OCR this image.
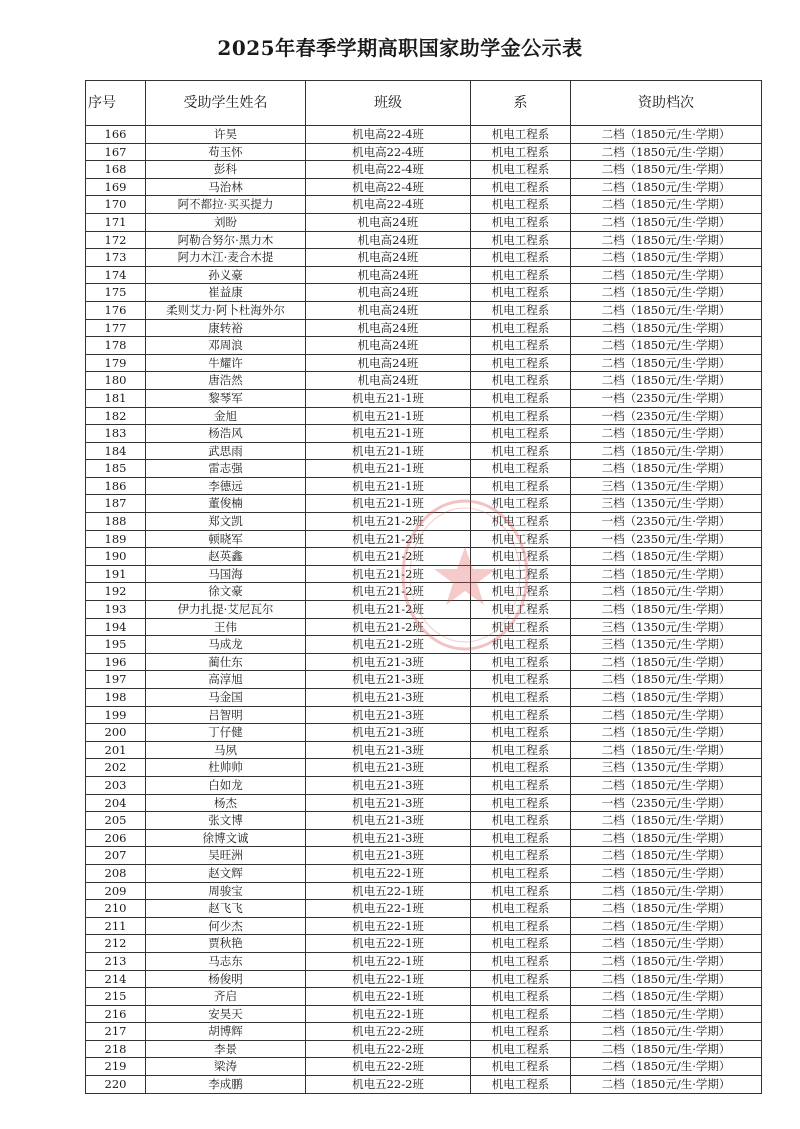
2025年春季学期高职国家助学金公示表
序号	受助学生姓名	班级	系	资助档次
166	许昊	机电高22-4班	机电工程系	二档（1850元/生·学期）
167	苟玉怀	机电高22-4班	机电工程系	二档（1850元/生·学期）
168	彭科	机电高22-4班	机电工程系	二档（1850元/生·学期）
169	马治林	机电高22-4班	机电工程系	二档（1850元/生·学期）
170	阿不都拉·买买提力	机电高22-4班	机电工程系	二档（1850元/生·学期）
171	刘盼	机电高24班	机电工程系	二档（1850元/生·学期）
172	阿勒合努尔·黑力木	机电高24班	机电工程系	二档（1850元/生·学期）
173	阿力木江·麦合木提	机电高24班	机电工程系	二档（1850元/生·学期）
174	孙义豪	机电高24班	机电工程系	二档（1850元/生·学期）
175	崔益康	机电高24班	机电工程系	二档（1850元/生·学期）
176	柔则艾力·阿卜杜海外尔	机电高24班	机电工程系	二档（1850元/生·学期）
177	康转裕	机电高24班	机电工程系	二档（1850元/生·学期）
178	邓周浪	机电高24班	机电工程系	二档（1850元/生·学期）
179	牛耀许	机电高24班	机电工程系	二档（1850元/生·学期）
180	唐浩然	机电高24班	机电工程系	二档（1850元/生·学期）
181	黎琴军	机电五21-1班	机电工程系	一档（2350元/生·学期）
182	金旭	机电五21-1班	机电工程系	一档（2350元/生·学期）
183	杨浩风	机电五21-1班	机电工程系	二档（1850元/生·学期）
184	武思雨	机电五21-1班	机电工程系	二档（1850元/生·学期）
185	雷志强	机电五21-1班	机电工程系	二档（1850元/生·学期）
186	李德远	机电五21-1班	机电工程系	三档（1350元/生·学期）
187	董俊楠	机电五21-1班	机电工程系	三档（1350元/生·学期）
188	郑文凯	机电五21-2班	机电工程系	一档（2350元/生·学期）
189	顿晓军	机电五21-2班	机电工程系	一档（2350元/生·学期）
190	赵英鑫	机电五21-2班	机电工程系	二档（1850元/生·学期）
191	马国海	机电五21-2班	机电工程系	二档（1850元/生·学期）
192	徐文豪	机电五21-2班	机电工程系	二档（1850元/生·学期）
193	伊力扎提·艾尼瓦尔	机电五21-2班	机电工程系	二档（1850元/生·学期）
194	王伟	机电五21-2班	机电工程系	三档（1350元/生·学期）
195	马成龙	机电五21-2班	机电工程系	三档（1350元/生·学期）
196	蔺仕东	机电五21-3班	机电工程系	二档（1850元/生·学期）
197	高淳旭	机电五21-3班	机电工程系	二档（1850元/生·学期）
198	马金国	机电五21-3班	机电工程系	二档（1850元/生·学期）
199	吕智明	机电五21-3班	机电工程系	二档（1850元/生·学期）
200	丁仔健	机电五21-3班	机电工程系	二档（1850元/生·学期）
201	马夙	机电五21-3班	机电工程系	二档（1850元/生·学期）
202	杜帅帅	机电五21-3班	机电工程系	三档（1350元/生·学期）
203	白如龙	机电五21-3班	机电工程系	二档（1850元/生·学期）
204	杨杰	机电五21-3班	机电工程系	一档（2350元/生·学期）
205	张文博	机电五21-3班	机电工程系	二档（1850元/生·学期）
206	徐博文诚	机电五21-3班	机电工程系	二档（1850元/生·学期）
207	吴旺洲	机电五21-3班	机电工程系	二档（1850元/生·学期）
208	赵文辉	机电五22-1班	机电工程系	二档（1850元/生·学期）
209	周骏宝	机电五22-1班	机电工程系	二档（1850元/生·学期）
210	赵飞飞	机电五22-1班	机电工程系	二档（1850元/生·学期）
211	何少杰	机电五22-1班	机电工程系	二档（1850元/生·学期）
212	贾秋艳	机电五22-1班	机电工程系	二档（1850元/生·学期）
213	马志东	机电五22-1班	机电工程系	二档（1850元/生·学期）
214	杨俊明	机电五22-1班	机电工程系	二档（1850元/生·学期）
215	齐启	机电五22-1班	机电工程系	二档（1850元/生·学期）
216	安昊天	机电五22-1班	机电工程系	二档（1850元/生·学期）
217	胡博辉	机电五22-2班	机电工程系	二档（1850元/生·学期）
218	李景	机电五22-2班	机电工程系	二档（1850元/生·学期）
219	梁涛	机电五22-2班	机电工程系	二档（1850元/生·学期）
220	李成鹏	机电五22-2班	机电工程系	二档（1850元/生·学期）
